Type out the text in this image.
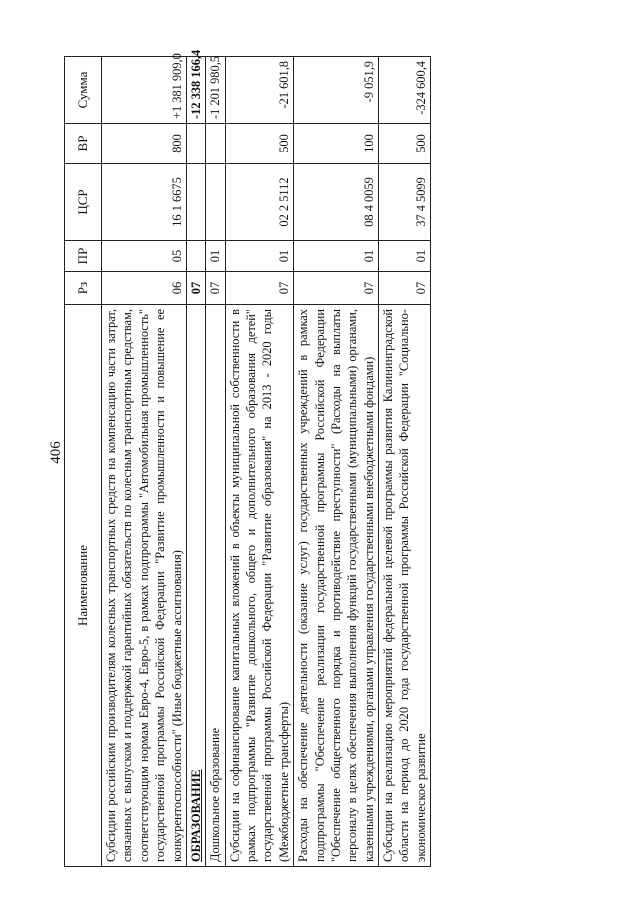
406
Наименование	Рз	ПР	ЦСР	ВР	Сумма
Субсидии российским производителям колесных транспортных средств на компенсацию части затрат, связанных с выпуском и поддержкой гарантийных обязательств по колесным транспортным средствам, соответствующим нормам Евро-4, Евро-5, в рамках подпрограммы "Автомобильная промышленность" государственной программы Российской Федерации "Развитие промышленности и повышение ее конкурентоспособности" (Иные бюджетные ассигнования)	06	05	16 1 6675	800	+1 381 909,0
ОБРАЗОВАНИЕ	07				-12 338 166,4
Дошкольное образование	07	01			-1 201 980,5
Субсидии на софинансирование капитальных вложений в объекты муниципальной собственности в рамках подпрограммы "Развитие дошкольного, общего и дополнительного образования детей" государственной программы Российской Федерации "Развитие образования" на 2013 - 2020 годы (Межбюджетные трансферты)	07	01	02 2 5112	500	-21 601,8
Расходы на обеспечение деятельности (оказание услуг) государственных учреждений в рамках подпрограммы "Обеспечение реализации государственной программы Российской Федерации "Обеспечение общественного порядка и противодействие преступности" (Расходы на выплаты персоналу в целях обеспечения выполнения функций государственными (муниципальными) органами, казенными учреждениями, органами управления государственными внебюджетными фондами)	07	01	08 4 0059	100	-9 051,9
Субсидии на реализацию мероприятий федеральной целевой программы развития Калининградской области на период до 2020 года государственной программы Российской Федерации "Социально-экономическое развитие	07	01	37 4 5099	500	-324 600,4
